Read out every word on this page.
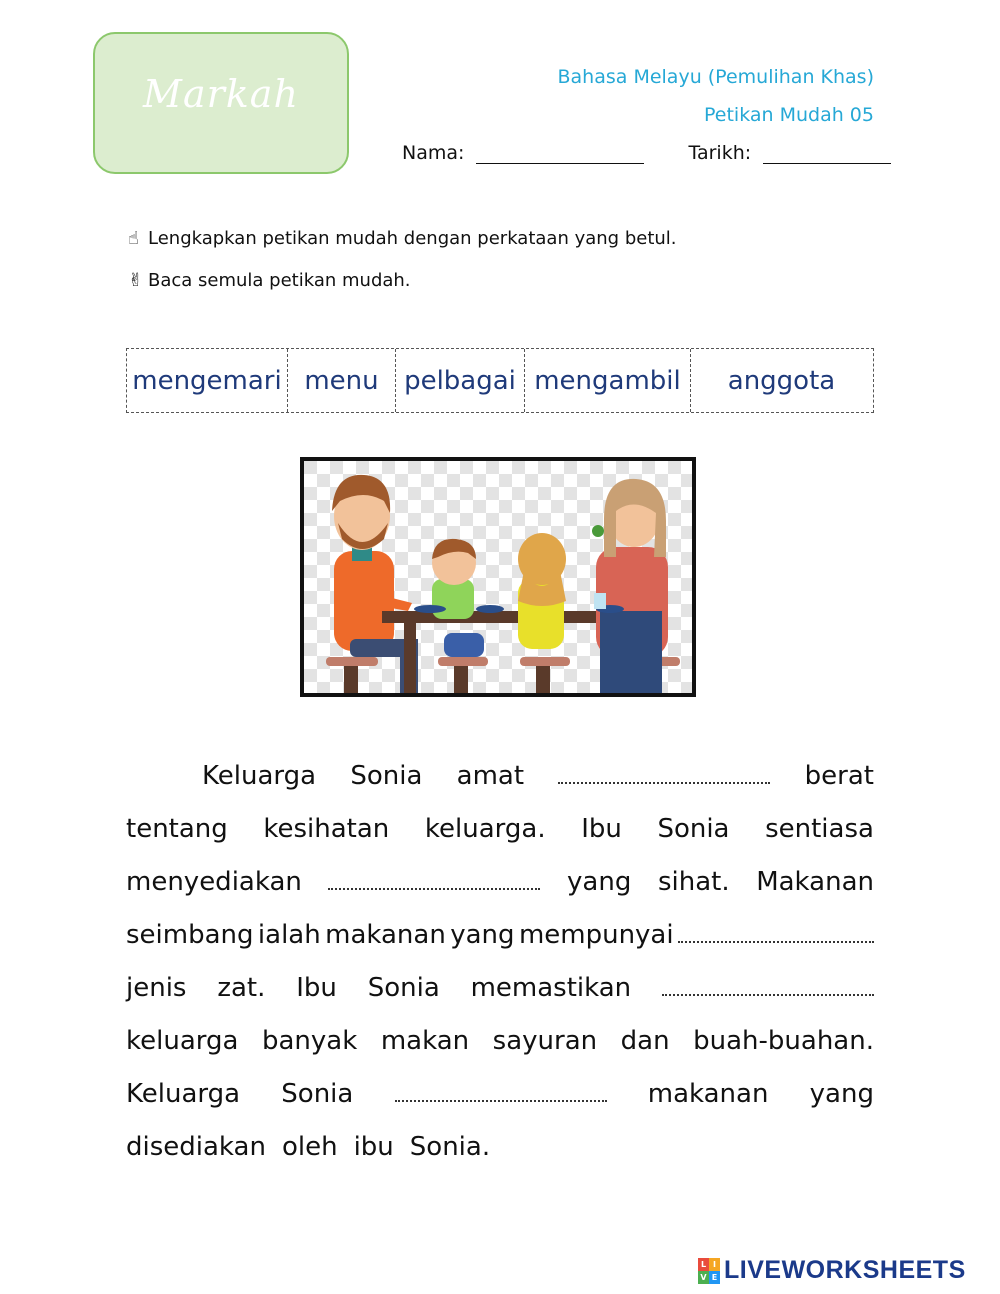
Markah	Bahasa Melayu (Pemulihan Khas)
Petikan Mudah 05
Nama:	Tarikh:
☝ Lengkapkan petikan mudah dengan perkataan yang betul.
✌ Baca semula petikan mudah.
mengemari menu pelbagai mengambil	anggota
Keluarga Sonia amat	berat
tentang kesihatan keluarga. Ibu Sonia sentiasa
menyediakan	yang sihat. Makanan
seimbang ialah makanan yang mempunyai
jenis zat. Ibu Sonia memastikan
keluarga banyak makan sayuran dan buah-buahan.
Keluarga Sonia	makanan yang
disediakan oleh ibu Sonia.
L I
V E LIVEWORKSHEETS
